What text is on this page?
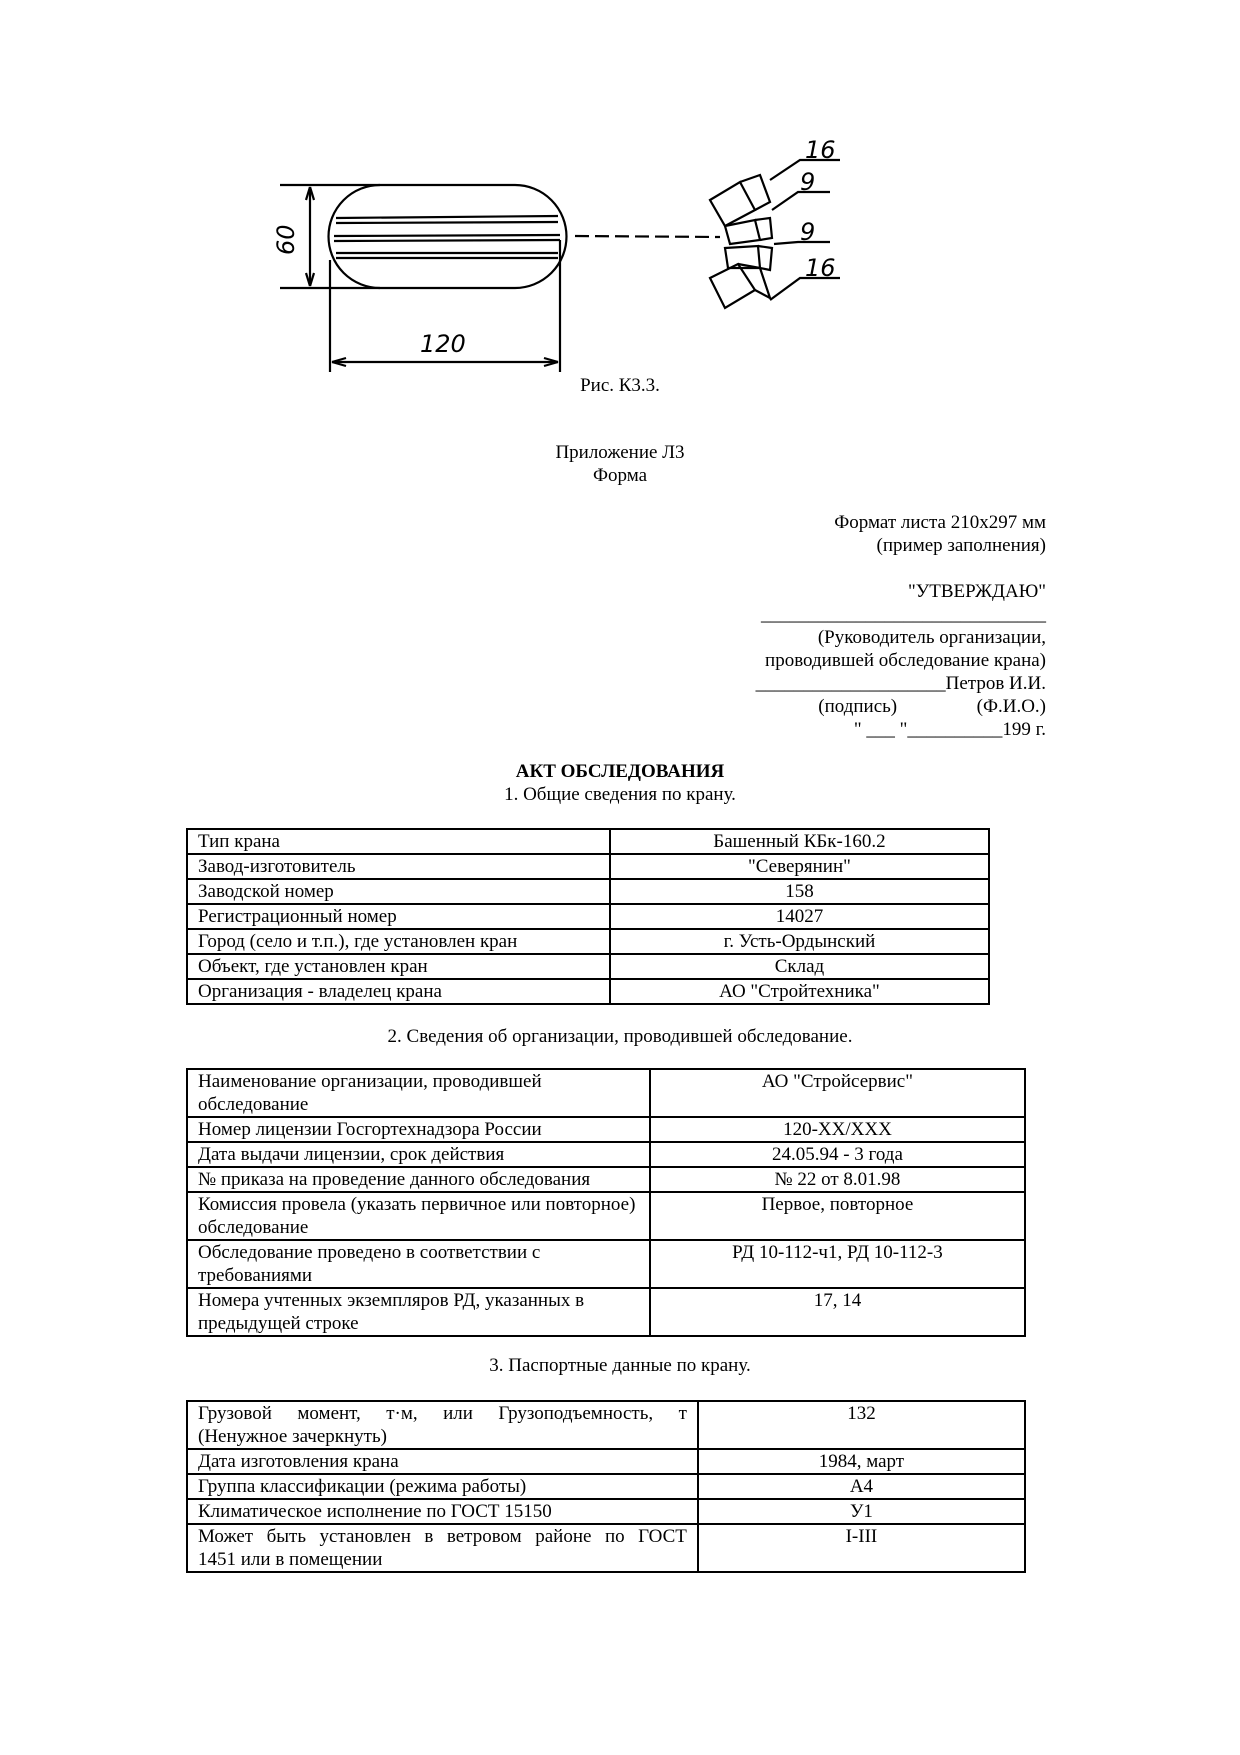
60
120
16
9
9
16
Рис. К3.3.
Приложение Л3
Форма
Формат листа 210х297 мм
(пример заполнения)
"УТВЕРЖДАЮ"
______________________________
(Руководитель организации,
проводившей обследование крана)
____________________Петров И.И.
(подпись)	(Ф.И.О.)
" ___ "__________199 г.
АКТ ОБСЛЕДОВАНИЯ
1. Общие сведения по крану.
Тип крана	Башенный КБк-160.2
Завод-изготовитель	"Северянин"
Заводской номер	158
Регистрационный номер	14027
Город (село и т.п.), где установлен кран	г. Усть-Ордынский
Объект, где установлен кран	Склад
Организация - владелец крана	АО "Стройтехника"
2. Сведения об организации, проводившей обследование.
Наименование организации, проводившей обследование	АО "Стройсервис"
Номер лицензии Госгортехнадзора России	120-ХХ/ХХХ
Дата выдачи лицензии, срок действия	24.05.94 - 3 года
№ приказа на проведение данного обследования	№ 22 от 8.01.98
Комиссия провела (указать первичное или повторное) обследование	Первое, повторное
Обследование проведено в соответствии с требованиями	РД 10-112-ч1, РД 10-112-3
Номера учтенных экземпляров РД, указанных в предыдущей строке	17, 14
3. Паспортные данные по крану.
Грузовой момент, т·м, или Грузоподъемность, т
(Ненужное зачеркнуть)	132
Дата изготовления крана	1984, март
Группа классификации (режима работы)	А4
Климатическое исполнение по ГОСТ 15150	У1

Может быть установлен в ветровом районе по ГОСТ
1451 или в помещении	I-III
